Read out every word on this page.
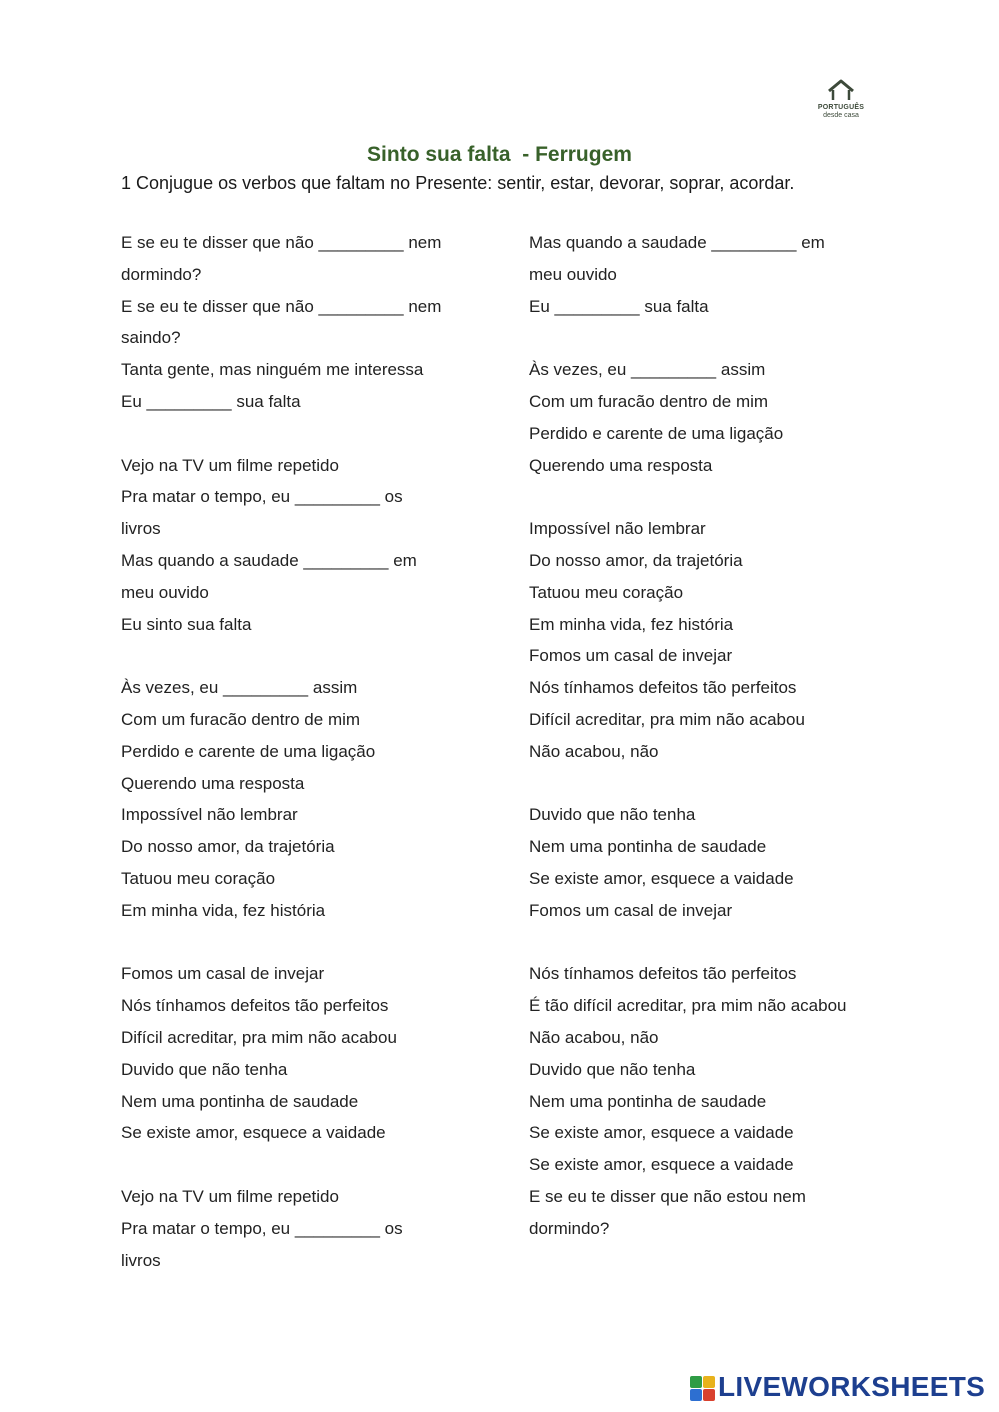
PORTUGUÊS
desde casa
Sinto sua falta  - Ferrugem
1 Conjugue os verbos que faltam no Presente: sentir, estar, devorar, soprar, acordar.
E se eu te disser que não _________ nem
dormindo?
E se eu te disser que não _________ nem
saindo?
Tanta gente, mas ninguém me interessa
Eu _________ sua falta
Vejo na TV um filme repetido
Pra matar o tempo, eu _________ os
livros
Mas quando a saudade _________ em
meu ouvido
Eu sinto sua falta
Às vezes, eu _________ assim
Com um furacão dentro de mim
Perdido e carente de uma ligação
Querendo uma resposta
Impossível não lembrar
Do nosso amor, da trajetória
Tatuou meu coração
Em minha vida, fez história
Fomos um casal de invejar
Nós tínhamos defeitos tão perfeitos
Difícil acreditar, pra mim não acabou
Duvido que não tenha
Nem uma pontinha de saudade
Se existe amor, esquece a vaidade
Vejo na TV um filme repetido
Pra matar o tempo, eu _________ os
livros
Mas quando a saudade _________ em
meu ouvido
Eu _________ sua falta
Às vezes, eu _________ assim
Com um furacão dentro de mim
Perdido e carente de uma ligação
Querendo uma resposta
Impossível não lembrar
Do nosso amor, da trajetória
Tatuou meu coração
Em minha vida, fez história
Fomos um casal de invejar
Nós tínhamos defeitos tão perfeitos
Difícil acreditar, pra mim não acabou
Não acabou, não
Duvido que não tenha
Nem uma pontinha de saudade
Se existe amor, esquece a vaidade
Fomos um casal de invejar
Nós tínhamos defeitos tão perfeitos
É tão difícil acreditar, pra mim não acabou
Não acabou, não
Duvido que não tenha
Nem uma pontinha de saudade
Se existe amor, esquece a vaidade
Se existe amor, esquece a vaidade
E se eu te disser que não estou nem
dormindo?
LIVEWORKSHEETS
